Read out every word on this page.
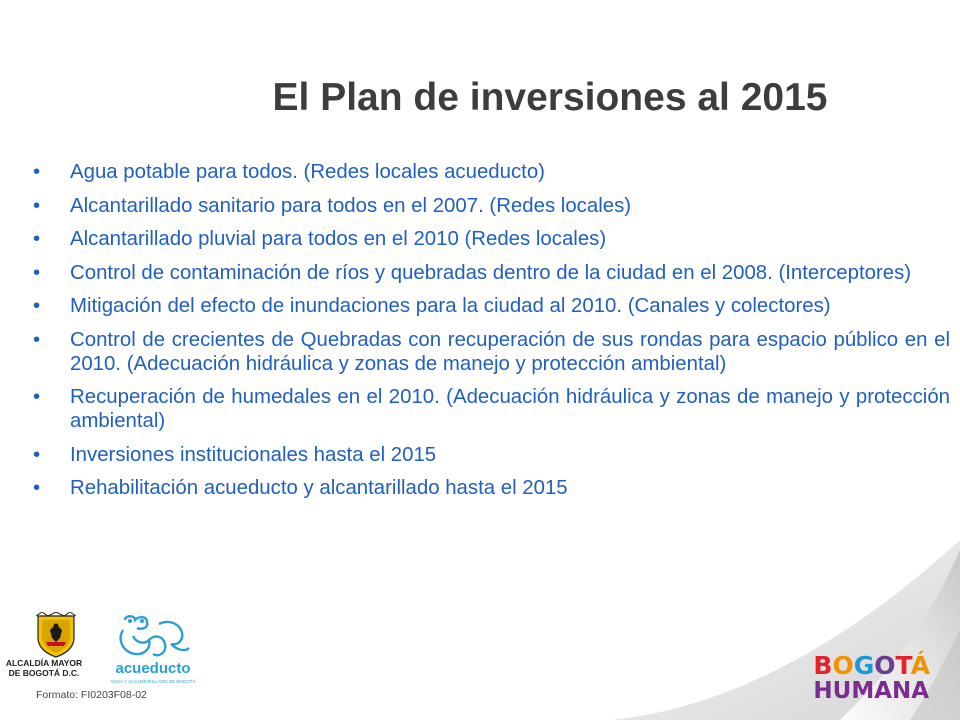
El Plan de inversiones al 2015
• Agua potable para todos. (Redes locales acueducto)
• Alcantarillado sanitario para todos en el 2007. (Redes locales)
• Alcantarillado pluvial para todos en el 2010 (Redes locales)
• Control de contaminación de ríos y quebradas dentro de la ciudad en el 2008. (Interceptores)
• Mitigación del efecto de inundaciones para la ciudad al 2010. (Canales y colectores)
• Control de crecientes de Quebradas con recuperación de sus rondas para espacio público en el 2010. (Adecuación hidráulica y zonas de manejo y protección ambiental)
• Recuperación de humedales en el 2010. (Adecuación hidráulica y zonas de manejo y protección ambiental)
• Inversiones institucionales hasta el 2015
• Rehabilitación acueducto y alcantarillado hasta el 2015
ALCALDÍA MAYOR
DE BOGOTÁ D.C.	acueducto
AGUA Y ALCANTARILLADO DE BOGOTÁ
Formato: FI0203F08-02
BOGOTÁ
HUMANA
